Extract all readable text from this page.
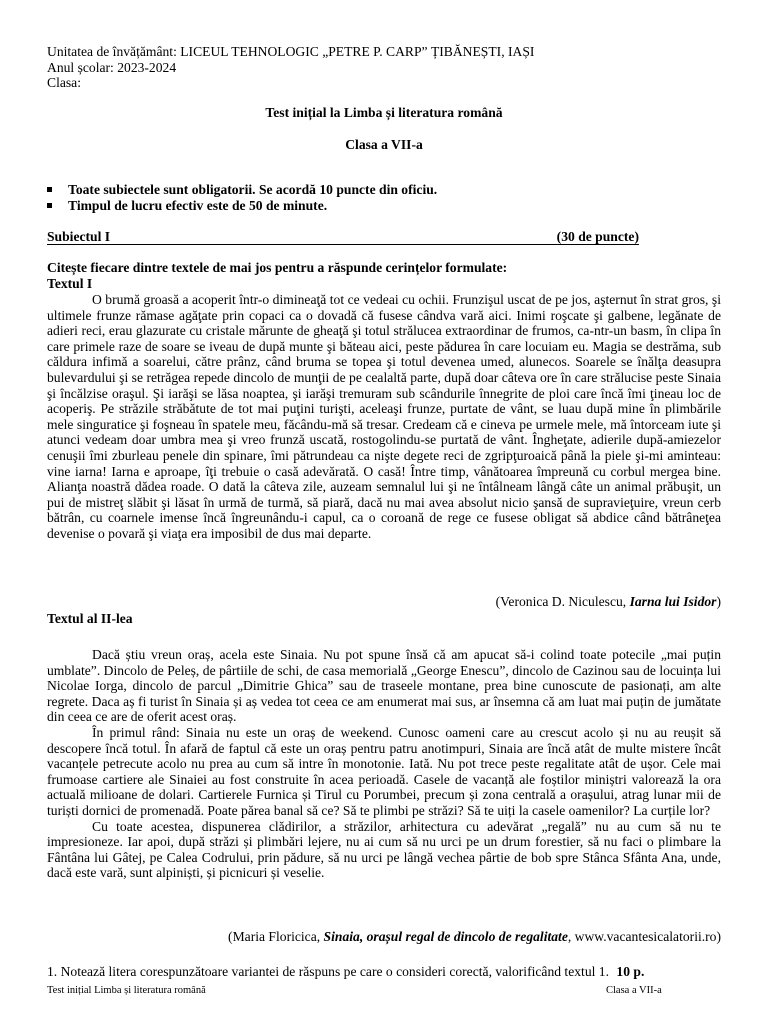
Unitatea de învățământ: LICEUL TEHNOLOGIC „PETRE P. CARP” ȚIBĂNEȘTI, IAȘI
Anul școlar: 2023-2024
Clasa:
Test inițial la Limba și literatura română
Clasa a VII-a
Toate subiectele sunt obligatorii. Se acordă 10 puncte din oficiu.
Timpul de lucru efectiv este de 50 de minute.
Subiectul I	(30 de puncte)
Citește fiecare dintre textele de mai jos pentru a răspunde cerințelor formulate:
Textul I

O brumă groasă a acoperit într-o dimineaţă tot ce vedeai cu ochii. Frunzişul uscat de pe jos, aşternut în strat gros, şi ultimele frunze rămase agăţate prin copaci ca o dovadă că fusese cândva vară aici. Inimi roşcate şi galbene, legănate de adieri reci, erau glazurate cu cristale mărunte de gheaţă şi totul strălucea extraordinar de frumos, ca-ntr-un basm, în clipa în care primele raze de soare se iveau de după munte şi băteau aici, peste pădurea în care locuiam eu. Magia se destrăma, sub căldura infimă a soarelui, către prânz, când bruma se topea şi totul devenea umed, alunecos. Soarele se înălţa deasupra bulevardului şi se retrăgea repede dincolo de munţii de pe cealaltă parte, după doar câteva ore în care strălucise peste Sinaia şi încălzise oraşul. Şi iarăşi se lăsa noaptea, şi iarăşi tremuram sub scândurile înnegrite de ploi care încă îmi ţineau loc de acoperiş. Pe străzile străbătute de tot mai puţini turişti, aceleaşi frunze, purtate de vânt, se luau după mine în plimbările mele singuratice şi foşneau în spatele meu, făcându-mă să tresar. Credeam că e cineva pe urmele mele, mă întorceam iute şi atunci vedeam doar umbra mea şi vreo frunză uscată, rostogolindu-se purtată de vânt. Îngheţate, adierile după-amiezelor cenuşii îmi zburleau penele din spinare, îmi pătrundeau ca nişte degete reci de zgripţuroaică până la piele şi-mi aminteau: vine iarna! Iarna e aproape, îţi trebuie o casă adevărată. O casă! Între timp, vânătoarea împreună cu corbul mergea bine. Alianţa noastră dădea roade. O dată la câteva zile, auzeam semnalul lui şi ne întâlneam lângă câte un animal prăbuşit, un pui de mistreţ slăbit şi lăsat în urmă de turmă, să piară, dacă nu mai avea absolut nicio şansă de supravieţuire, vreun cerb bătrân, cu coarnele imense încă îngreunându-i capul, ca o coroană de rege ce fusese obligat să abdice când bătrâneţea devenise o povară şi viaţa era imposibil de dus mai departe.

(Veronica D. Niculescu, Iarna lui Isidor)
Textul al II-lea

Dacă știu vreun oraș, acela este Sinaia. Nu pot spune însă că am apucat să-i colind toate potecile „mai puțin umblate”. Dincolo de Peleș, de pârtiile de schi, de casa memorială „George Enescu”, dincolo de Cazinou sau de locuința lui Nicolae Iorga, dincolo de parcul „Dimitrie Ghica” sau de traseele montane, prea bine cunoscute de pasionați, am alte regrete. Daca aș fi turist în Sinaia și aș vedea tot ceea ce am enumerat mai sus, ar însemna că am luat mai puțin de jumătate din ceea ce are de oferit acest oraș.

În primul rând: Sinaia nu este un oraș de weekend. Cunosc oameni care au crescut acolo și nu au reușit să descopere încă totul. În afară de faptul că este un oraș pentru patru anotimpuri, Sinaia are încă atât de multe mistere încât vacanțele petrecute acolo nu prea au cum să intre în monotonie. Iată. Nu pot trece peste regalitate atât de ușor. Cele mai frumoase cartiere ale Sinaiei au fost construite în acea perioadă. Casele de vacanță ale foștilor miniștri valorează la ora actuală milioane de dolari. Cartierele Furnica și Tirul cu Porumbei, precum și zona centrală a orașului, atrag lunar mii de turiști dornici de promenadă. Poate părea banal să ce? Să te plimbi pe străzi? Să te uiți la casele oamenilor? La curțile lor?

Cu toate acestea, dispunerea clădirilor, a străzilor, arhitectura cu adevărat „regală” nu au cum să nu te impresioneze. Iar apoi, după străzi și plimbări lejere, nu ai cum să nu urci pe un drum forestier, să nu faci o plimbare la Fântâna lui Gâtej, pe Calea Codrului, prin pădure, să nu urci pe lângă vechea pârtie de bob spre Stânca Sfânta Ana, unde, dacă este vară, sunt alpiniști, și picnicuri și veselie.

(Maria Floricica, Sinaia, orașul regal de dincolo de regalitate, www.vacantesicalatorii.ro)
1. Notează litera corespunzătoare variantei de răspuns pe care o consideri corectă, valorificând textul 1. 10 p.
Test inițial Limba și literatura română	Clasa a VII-a
